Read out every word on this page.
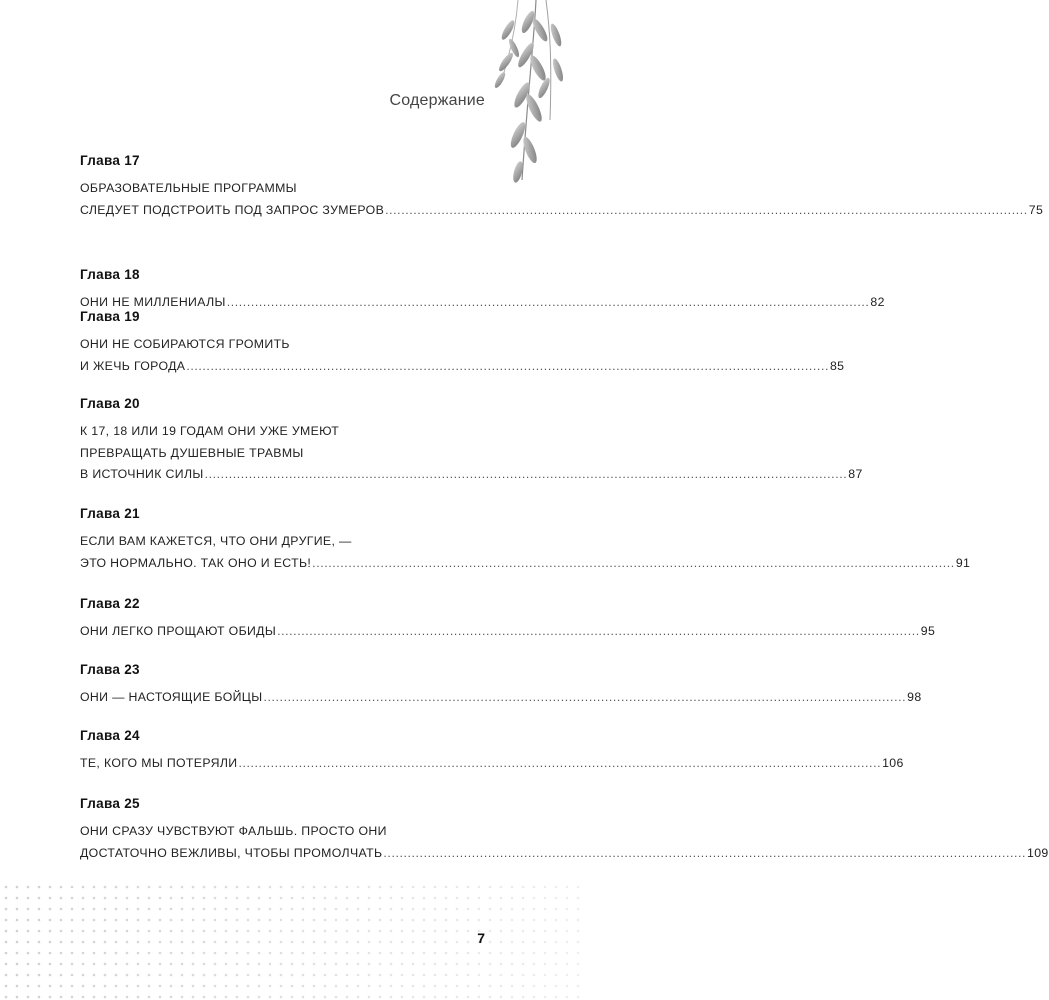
Содержание
Глава 17
ОБРАЗОВАТЕЛЬНЫЕ ПРОГРАММЫ
СЛЕДУЕТ ПОДСТРОИТЬ ПОД ЗАПРОС ЗУМЕРОВ ................................................................................................................................................................ 75
Глава 18
ОНИ НЕ МИЛЛЕНИАЛЫ ................................................................................................................................................................ 82
Глава 19
ОНИ НЕ СОБИРАЮТСЯ ГРОМИТЬ
И ЖЕЧЬ ГОРОДА ................................................................................................................................................................ 85
Глава 20
К 17, 18 ИЛИ 19 ГОДАМ ОНИ УЖЕ УМЕЮТ
ПРЕВРАЩАТЬ ДУШЕВНЫЕ ТРАВМЫ
В ИСТОЧНИК СИЛЫ ................................................................................................................................................................ 87
Глава 21
ЕСЛИ ВАМ КАЖЕТСЯ, ЧТО ОНИ ДРУГИЕ, —
ЭТО НОРМАЛЬНО. ТАК ОНО И ЕСТЬ! ................................................................................................................................................................ 91
Глава 22
ОНИ ЛЕГКО ПРОЩАЮТ ОБИДЫ ................................................................................................................................................................ 95
Глава 23
ОНИ — НАСТОЯЩИЕ БОЙЦЫ ................................................................................................................................................................ 98
Глава 24
ТЕ, КОГО МЫ ПОТЕРЯЛИ ................................................................................................................................................................ 106
Глава 25
ОНИ СРАЗУ ЧУВСТВУЮТ ФАЛЬШЬ. ПРОСТО ОНИ
ДОСТАТОЧНО ВЕЖЛИВЫ, ЧТОБЫ ПРОМОЛЧАТЬ ................................................................................................................................................................ 109
7
